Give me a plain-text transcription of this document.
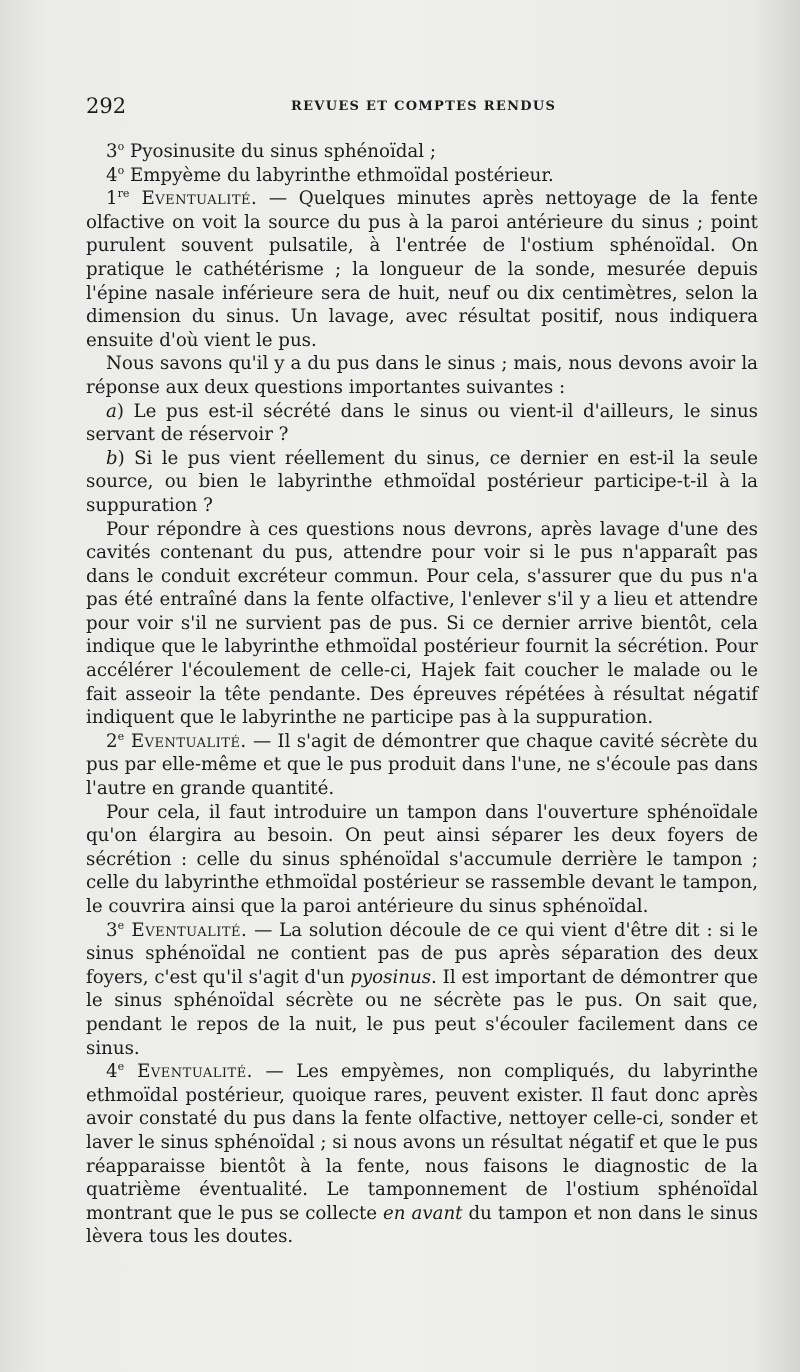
292	REVUES ET COMPTES RENDUS

3$^o$ Pyosinusite du sinus sphénoïdal ;

4$^o$ Empyème du labyrinthe ethmoïdal postérieur.

1re Eventualité. — Quelques minutes après nettoyage de la fente olfactive on voit la source du pus à la paroi antérieure du sinus ; point purulent souvent pulsatile, à l'entrée de l'ostium sphénoïdal. On pratique le cathétérisme ; la longueur de la sonde, mesurée depuis l'épine nasale inférieure sera de huit, neuf ou dix centimètres, selon la dimension du sinus. Un lavage, avec résultat positif, nous indiquera ensuite d'où vient le pus.

Nous savons qu'il y a du pus dans le sinus ; mais, nous devons avoir la réponse aux deux questions importantes suivantes :

a) Le pus est-il sécrété dans le sinus ou vient-il d'ailleurs, le sinus servant de réservoir ?

b) Si le pus vient réellement du sinus, ce dernier en est-il la seule source, ou bien le labyrinthe ethmoïdal postérieur participe-t-il à la suppuration ?

Pour répondre à ces questions nous devrons, après lavage d'une des cavités contenant du pus, attendre pour voir si le pus n'apparaît pas dans le conduit excréteur commun. Pour cela, s'assurer que du pus n'a pas été entraîné dans la fente olfactive, l'enlever s'il y a lieu et attendre pour voir s'il ne survient pas de pus. Si ce dernier arrive bientôt, cela indique que le labyrinthe ethmoïdal postérieur fournit la sécrétion. Pour accélérer l'écoulement de celle-ci, Hajek fait coucher le malade ou le fait asseoir la tête pendante. Des épreuves répétées à résultat négatif indiquent que le labyrinthe ne participe pas à la suppuration.

2e Eventualité. — Il s'agit de démontrer que chaque cavité sécrète du pus par elle-même et que le pus produit dans l'une, ne s'écoule pas dans l'autre en grande quantité.

Pour cela, il faut introduire un tampon dans l'ouverture sphénoïdale qu'on élargira au besoin. On peut ainsi séparer les deux foyers de sécrétion : celle du sinus sphénoïdal s'accumule derrière le tampon ; celle du labyrinthe ethmoïdal postérieur se rassemble devant le tampon, le couvrira ainsi que la paroi antérieure du sinus sphénoïdal.

3e Eventualité. — La solution découle de ce qui vient d'être dit : si le sinus sphénoïdal ne contient pas de pus après séparation des deux foyers, c'est qu'il s'agit d'un pyosinus. Il est important de démontrer que le sinus sphénoïdal sécrète ou ne sécrète pas le pus. On sait que, pendant le repos de la nuit, le pus peut s'écouler facilement dans ce sinus.

4e Eventualité. — Les empyèmes, non compliqués, du labyrinthe ethmoïdal postérieur, quoique rares, peuvent exister. Il faut donc après avoir constaté du pus dans la fente olfactive, nettoyer celle-ci, sonder et laver le sinus sphénoïdal ; si nous avons un résultat négatif et que le pus réapparaisse bientôt à la fente, nous faisons le diagnostic de la quatrième éventualité. Le tamponnement de l'ostium sphénoïdal montrant que le pus se collecte en avant du tampon et non dans le sinus lèvera tous les doutes.
